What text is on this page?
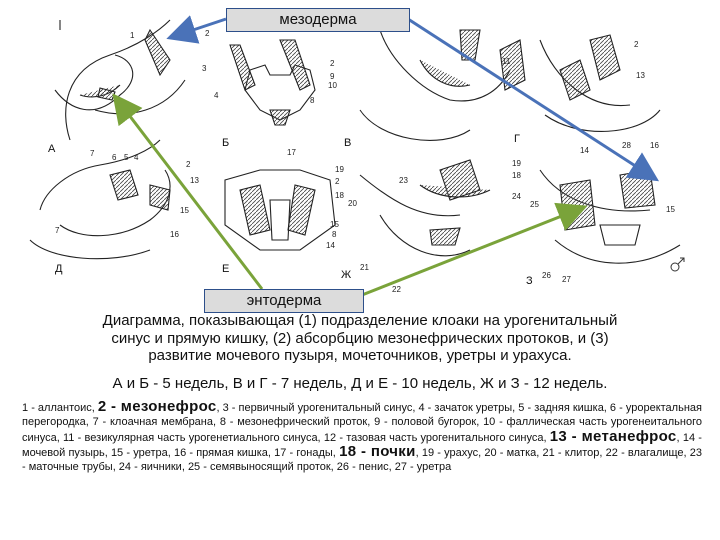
А	Б	В	Г
Д	Е	Ж	З
1	2
3
4
7 6 5 4
2
9
10
8
2
11
13
14
28 16
2
13
15
7	16
17
19
2
18
20
15
8
14
21
23
19
18
24
25
15
26 27
22
мезодерма
энтодерма
Диаграмма, показывающая (1) подразделение клоаки на урогенитальный
синус и прямую кишку, (2) абсорбцию мезонефрических протоков, и (3)
развитие мочевого пузыря, мочеточников, уретры и урахуса.
А и Б - 5 недель, В и Г - 7 недель, Д и Е - 10 недель, Ж и З - 12 недель.
1 - аллантоис, 2 - мезонефрос, 3 - первичный урогенитальный синус, 4 - зачаток уретры, 5 - задняя кишка, 6 - уроректальная перегородка, 7 - клоачная мембрана, 8 - мезонефрический проток, 9 - половой бугорок, 10 - фаллическая часть урогенеитального синуса, 11 - везикулярная часть урогенетиального синуса, 12 - тазовая часть урогенитального синуса, 13 - метанефрос, 14 - мочевой пузырь, 15 - уретра, 16 - прямая кишка, 17 - гонады, 18 - почки, 19 - урахус, 20 - матка, 21 - клитор, 22 - влагалище, 23 - маточные трубы, 24 - яичники, 25 - семявыносящий проток, 26 - пенис, 27 - уретра
